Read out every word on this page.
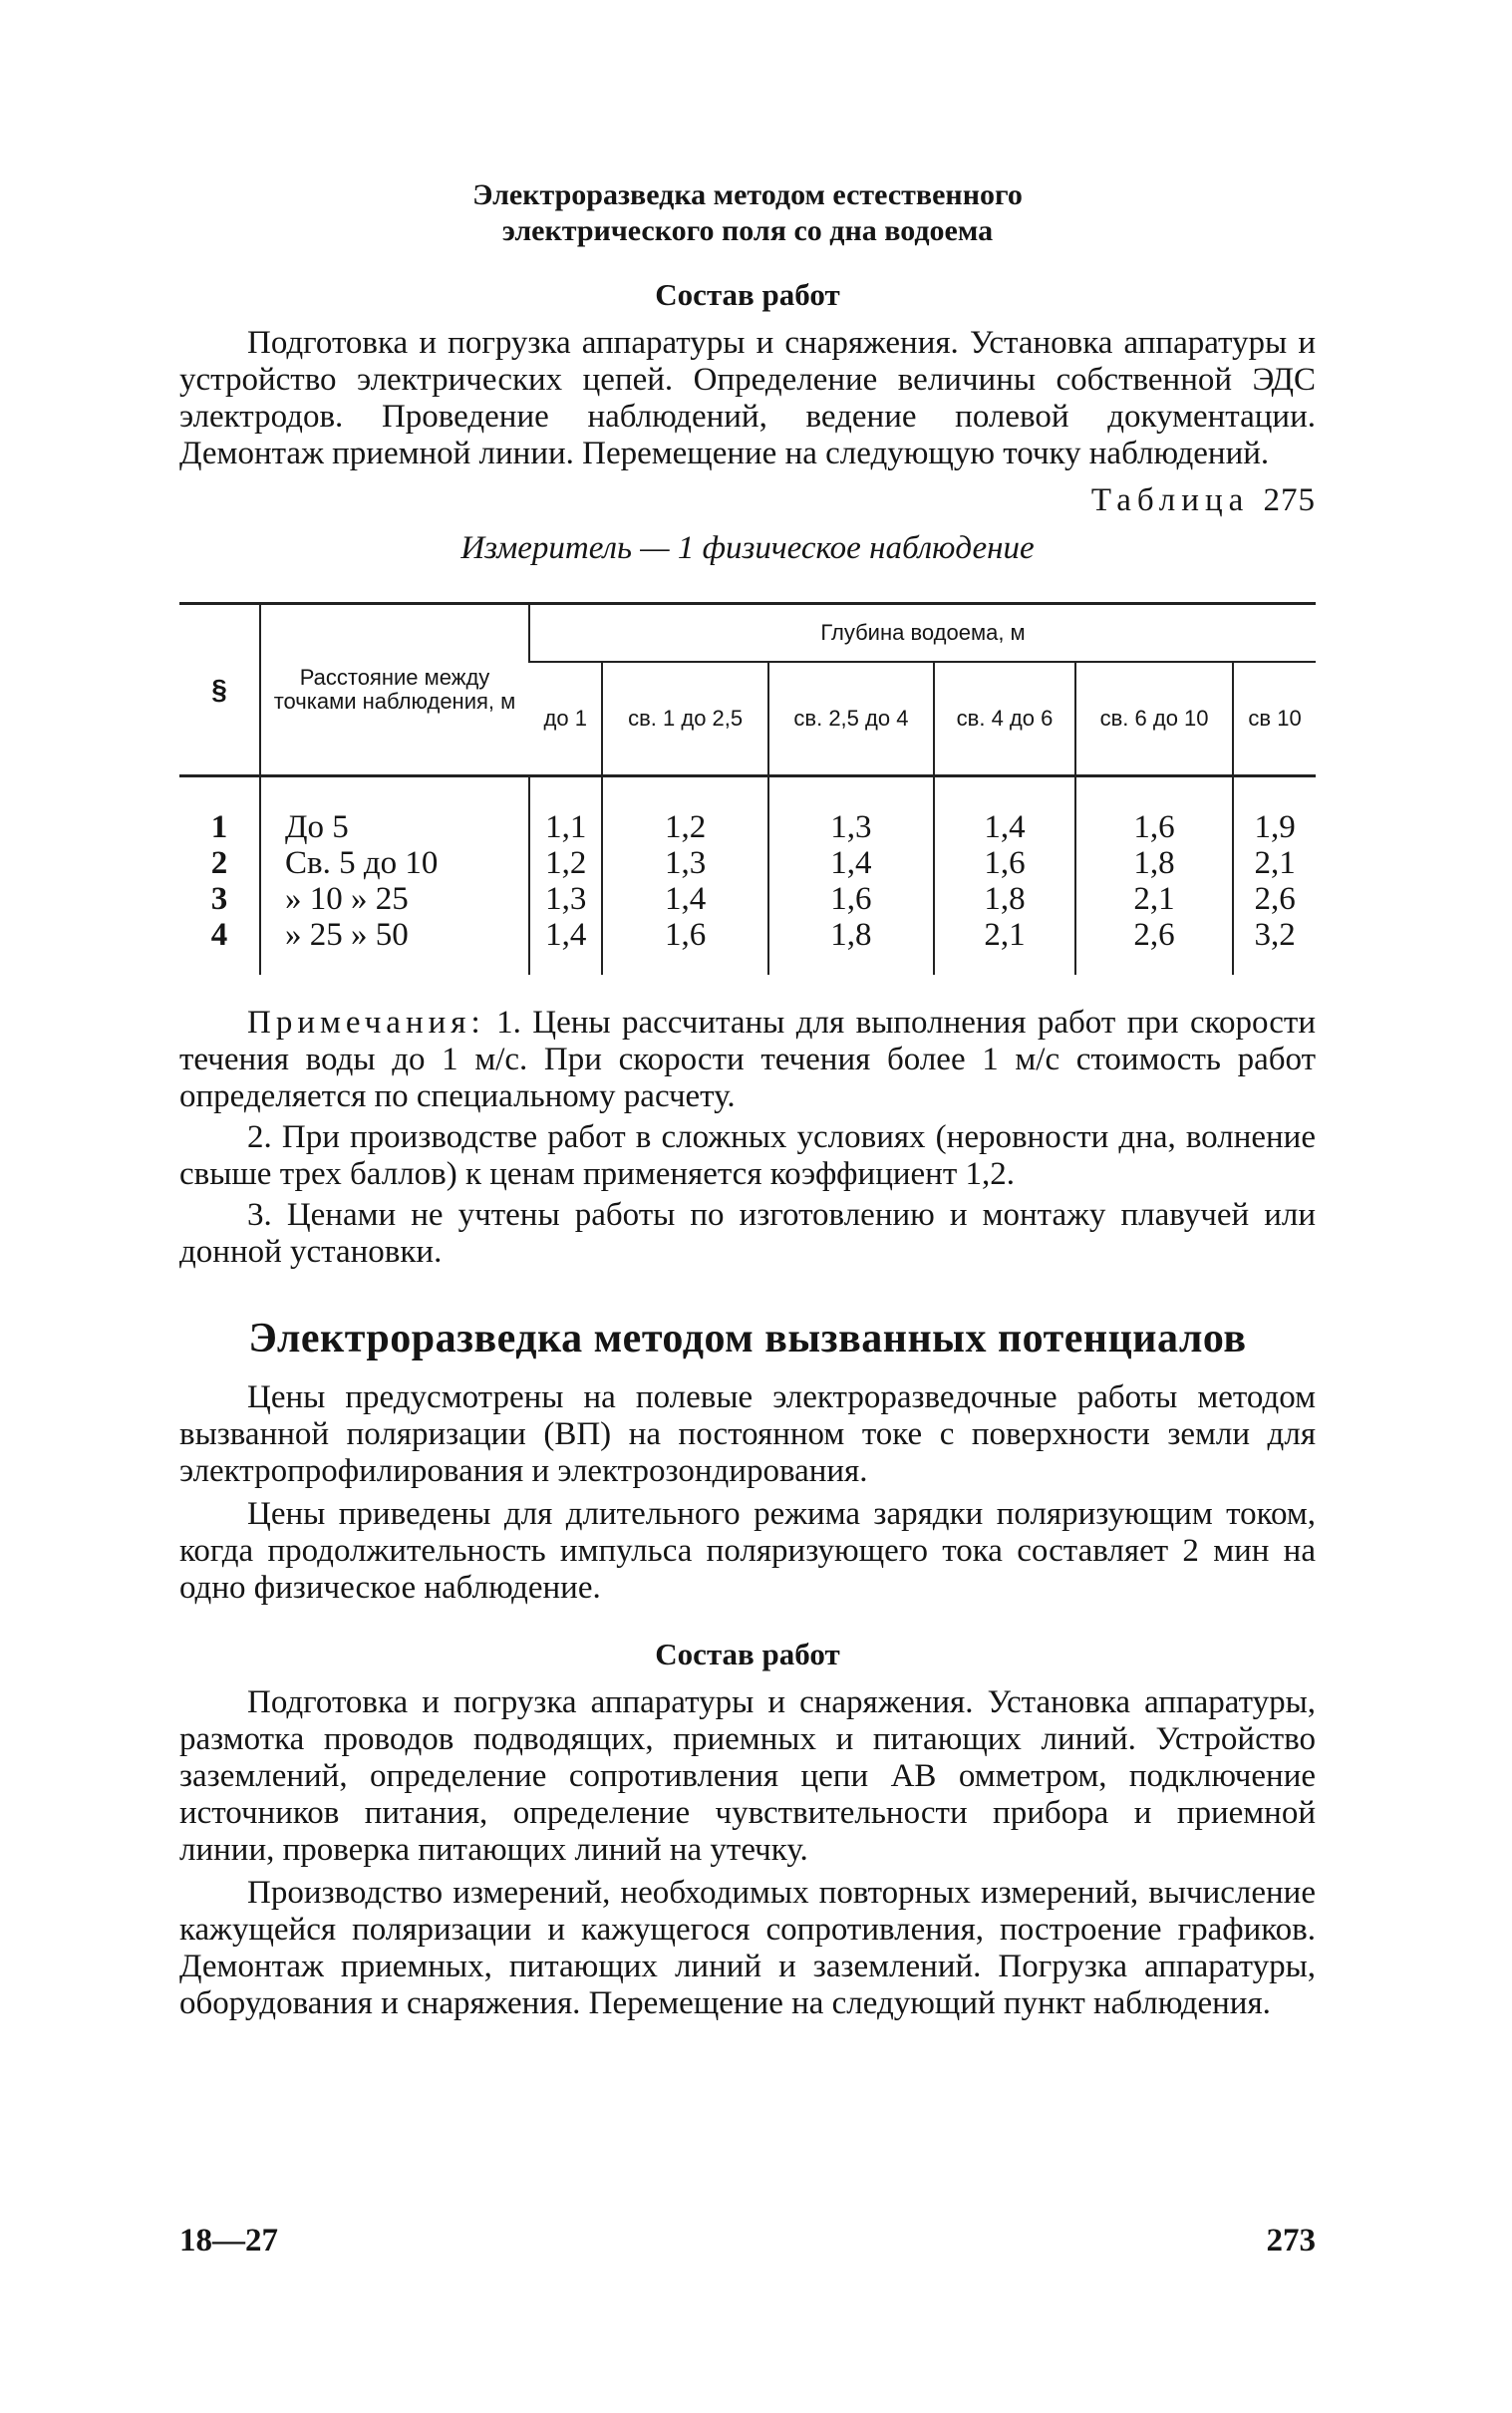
Электроразведка методом естественного

электрического поля со дна водоема

Состав работ

Подготовка и погрузка аппаратуры и снаряжения. Установка аппаратуры и устройство электрических цепей. Определение величины собственной ЭДС электродов. Проведение наблюдений, ведение полевой документации. Демонтаж приемной линии. Перемещение на следующую точку наблюдений.

Таблица 275
Измеритель — 1 физическое наблюдение
§	Расстояние между точками наблюдения, м	Глубина водоема, м					
		до 1	св. 1 до 2,5	св. 2,5 до 4	св. 4 до 6	св. 6 до 10	св 10
1	До 5	1,1	1,2	1,3	1,4	1,6	1,9
2	Св. 5 до 10	1,2	1,3	1,4	1,6	1,8	2,1
3	» 10 » 25	1,3	1,4	1,6	1,8	2,1	2,6
4	» 25 » 50	1,4	1,6	1,8	2,1	2,6	3,2

Примечания: 1. Цены рассчитаны для выполнения работ при скорости течения воды до 1 м/с. При скорости течения более 1 м/с стоимость работ определяется по специальному расчету.

2. При производстве работ в сложных условиях (неровности дна, волнение свыше трех баллов) к ценам применяется коэффициент 1,2.

3. Ценами не учтены работы по изготовлению и монтажу плавучей или донной установки.

Электроразведка методом вызванных потенциалов

Цены предусмотрены на полевые электроразведочные работы методом вызванной поляризации (ВП) на постоянном токе с поверхности земли для электропрофилирования и электрозондирования.

Цены приведены для длительного режима зарядки поляризующим током, когда продолжительность импульса поляризующего тока составляет 2 мин на одно физическое наблюдение.

Состав работ

Подготовка и погрузка аппаратуры и снаряжения. Установка аппаратуры, размотка проводов подводящих, приемных и питающих линий. Устройство заземлений, определение сопротивления цепи АВ омметром, подключение источников питания, определение чувствительности прибора и приемной линии, проверка питающих линий на утечку.

Производство измерений, необходимых повторных измерений, вычисление кажущейся поляризации и кажущегося сопротивления, построение графиков. Демонтаж приемных, питающих линий и заземлений. Погрузка аппаратуры, оборудования и снаряжения. Перемещение на следующий пункт наблюдения.

18—27	273
